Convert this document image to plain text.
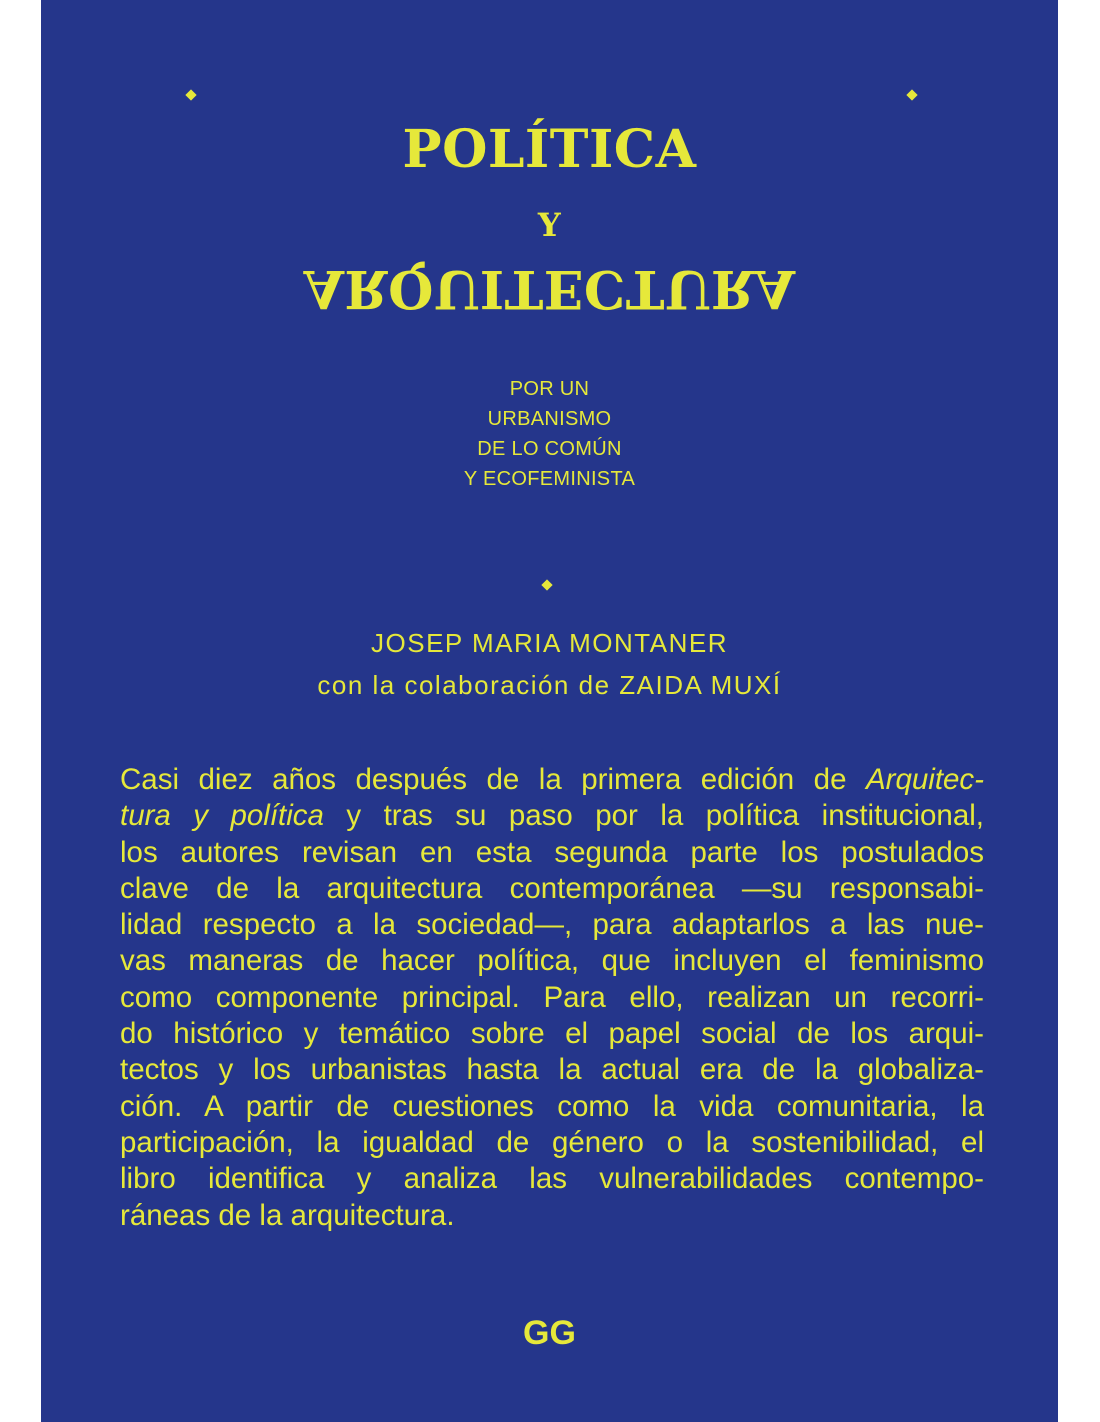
POLÍTICA
Y
ARQUITECTURA
POR UN
URBANISMO
DE LO COMÚN
Y ECOFEMINISTA
JOSEP MARIA MONTANER
con la colaboración de ZAIDA MUXÍ
Casi diez años después de la primera edición de Arquitec-
tura y política y tras su paso por la política institucional,
los autores revisan en esta segunda parte los postulados
clave de la arquitectura contemporánea —su responsabi-
lidad respecto a la sociedad—, para adaptarlos a las nue-
vas maneras de hacer política, que incluyen el feminismo
como componente principal. Para ello, realizan un recorri-
do histórico y temático sobre el papel social de los arqui-
tectos y los urbanistas hasta la actual era de la globaliza-
ción. A partir de cuestiones como la vida comunitaria, la
participación, la igualdad de género o la sostenibilidad, el
libro identifica y analiza las vulnerabilidades contempo-
ráneas de la arquitectura.
GG
